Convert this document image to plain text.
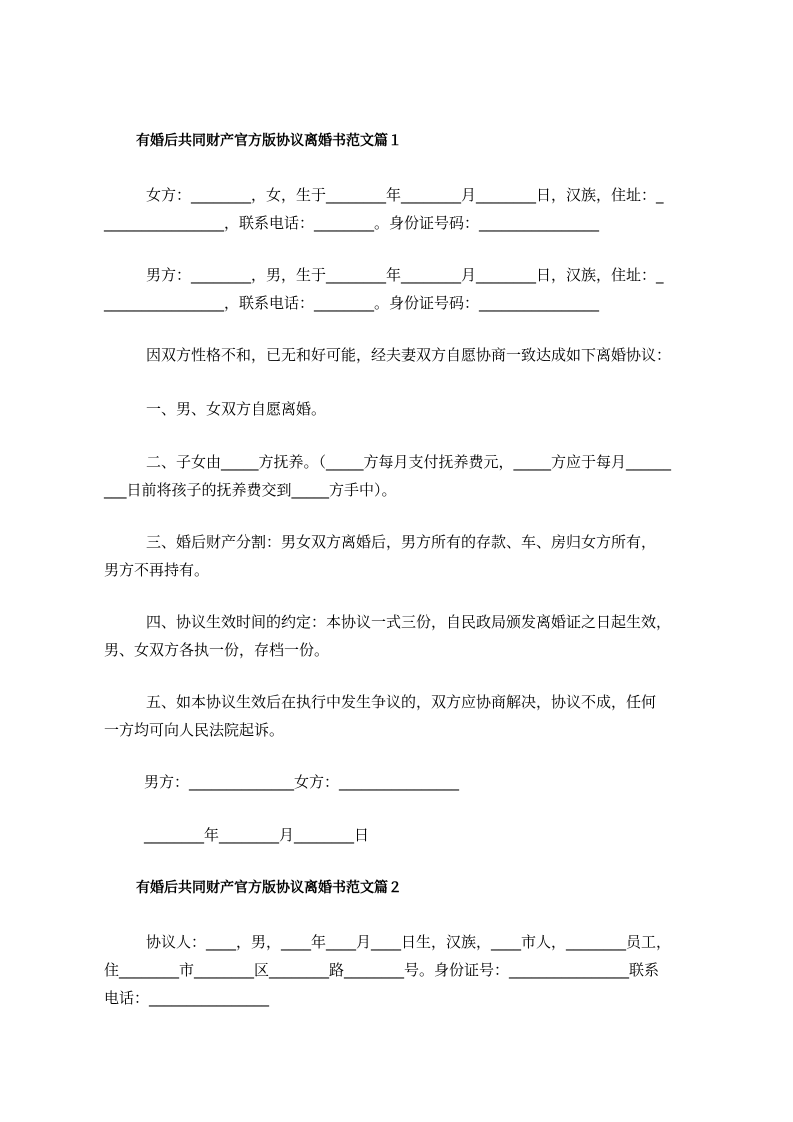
有婚后共同财产官方版协议离婚书范文篇１
女方：________，女，生于________年________月________日，汉族，住址：_
________________，联系电话：________。身份证号码：________________
男方：________，男，生于________年________月________日，汉族，住址：_
________________，联系电话：________。身份证号码：________________
因双方性格不和，已无和好可能，经夫妻双方自愿协商一致达成如下离婚协议：
一、男、女双方自愿离婚。
二、子女由_____方抚养。（_____方每月支付抚养费元，_____方应于每月______
___日前将孩子的抚养费交到_____方手中）。
三、婚后财产分割：男女双方离婚后，男方所有的存款、车、房归女方所有，
男方不再持有。
四、协议生效时间的约定：本协议一式三份，自民政局颁发离婚证之日起生效，
男、女双方各执一份，存档一份。
五、如本协议生效后在执行中发生争议的，双方应协商解决，协议不成，任何
一方均可向人民法院起诉。
男方：______________女方：________________
________年________月________日
有婚后共同财产官方版协议离婚书范文篇２
协议人：____，男，____年____月____日生，汉族，____市人，________员工，
住________市________区________路________号。身份证号：________________联系
电话：________________
